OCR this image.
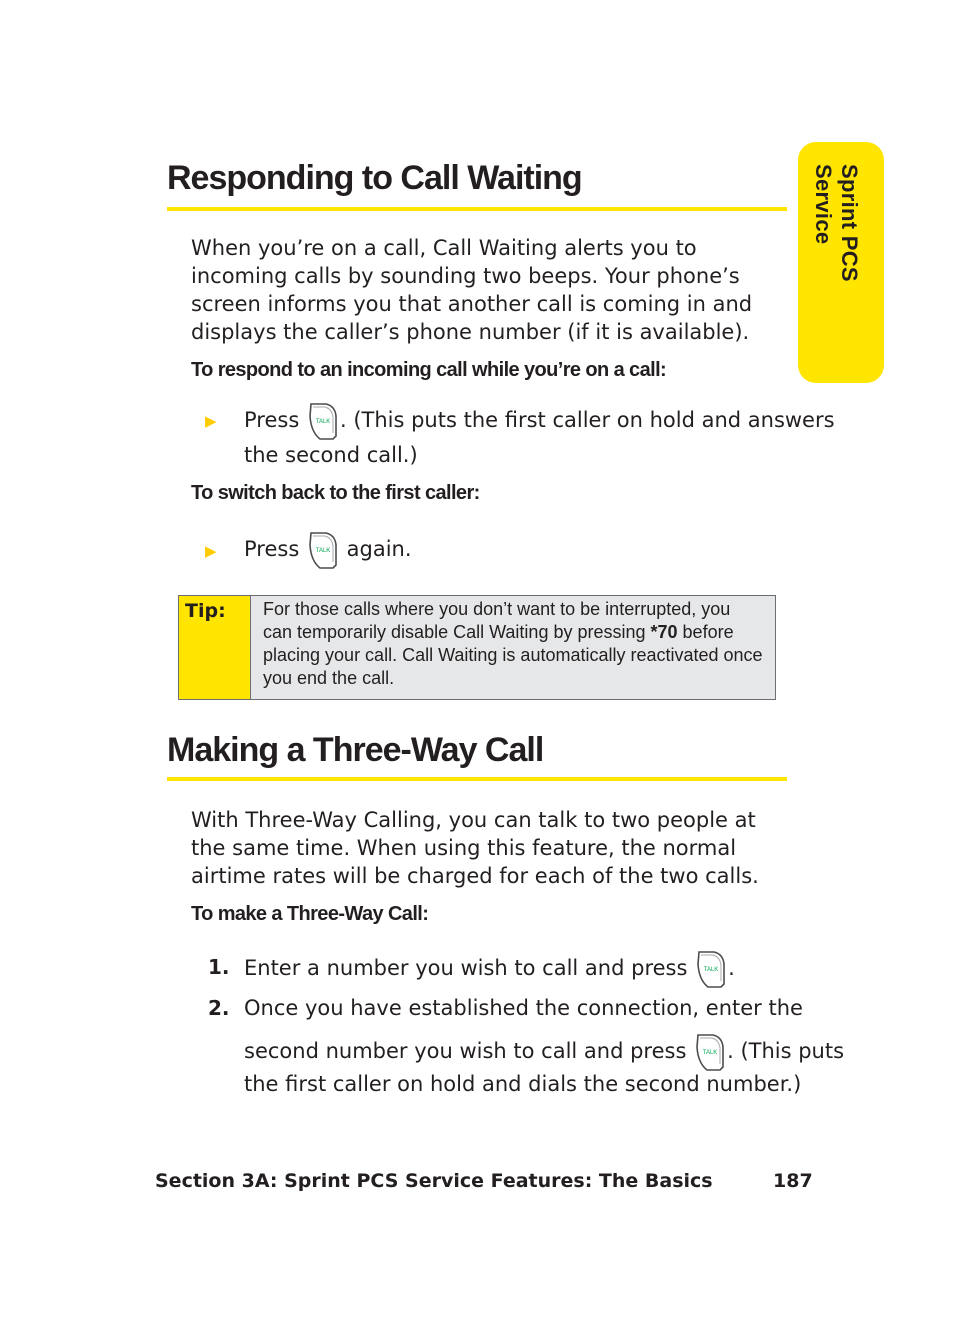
Sprint PCS Service
Responding to Call Waiting

When you’re on a call, Call Waiting alerts you to incoming calls by sounding two beeps. Your phone’s screen informs you that another call is coming in and displays the caller’s phone number (if it is available).

To respond to an incoming call while you’re on a call:

▶ Press	TALK . (This puts the first caller on hold and answers
the second call.)

To switch back to the first caller:

▶ Press	TALK again.
Tip: For those calls where you don’t want to be interrupted, you can temporarily disable Call Waiting by pressing *70 before placing your call. Call Waiting is automatically reactivated once you end the call.
Making a Three-Way Call

With Three-Way Calling, you can talk to two people at the same time. When using this feature, the normal airtime rates will be charged for each of the two calls.

To make a Three-Way Call:

1. Enter a number you wish to call and press	TALK .
2. Once you have established the connection, enter the
second number you wish to call and press	TALK . (This puts
the first caller on hold and dials the second number.)
Section 3A: Sprint PCS Service Features: The Basics	187
